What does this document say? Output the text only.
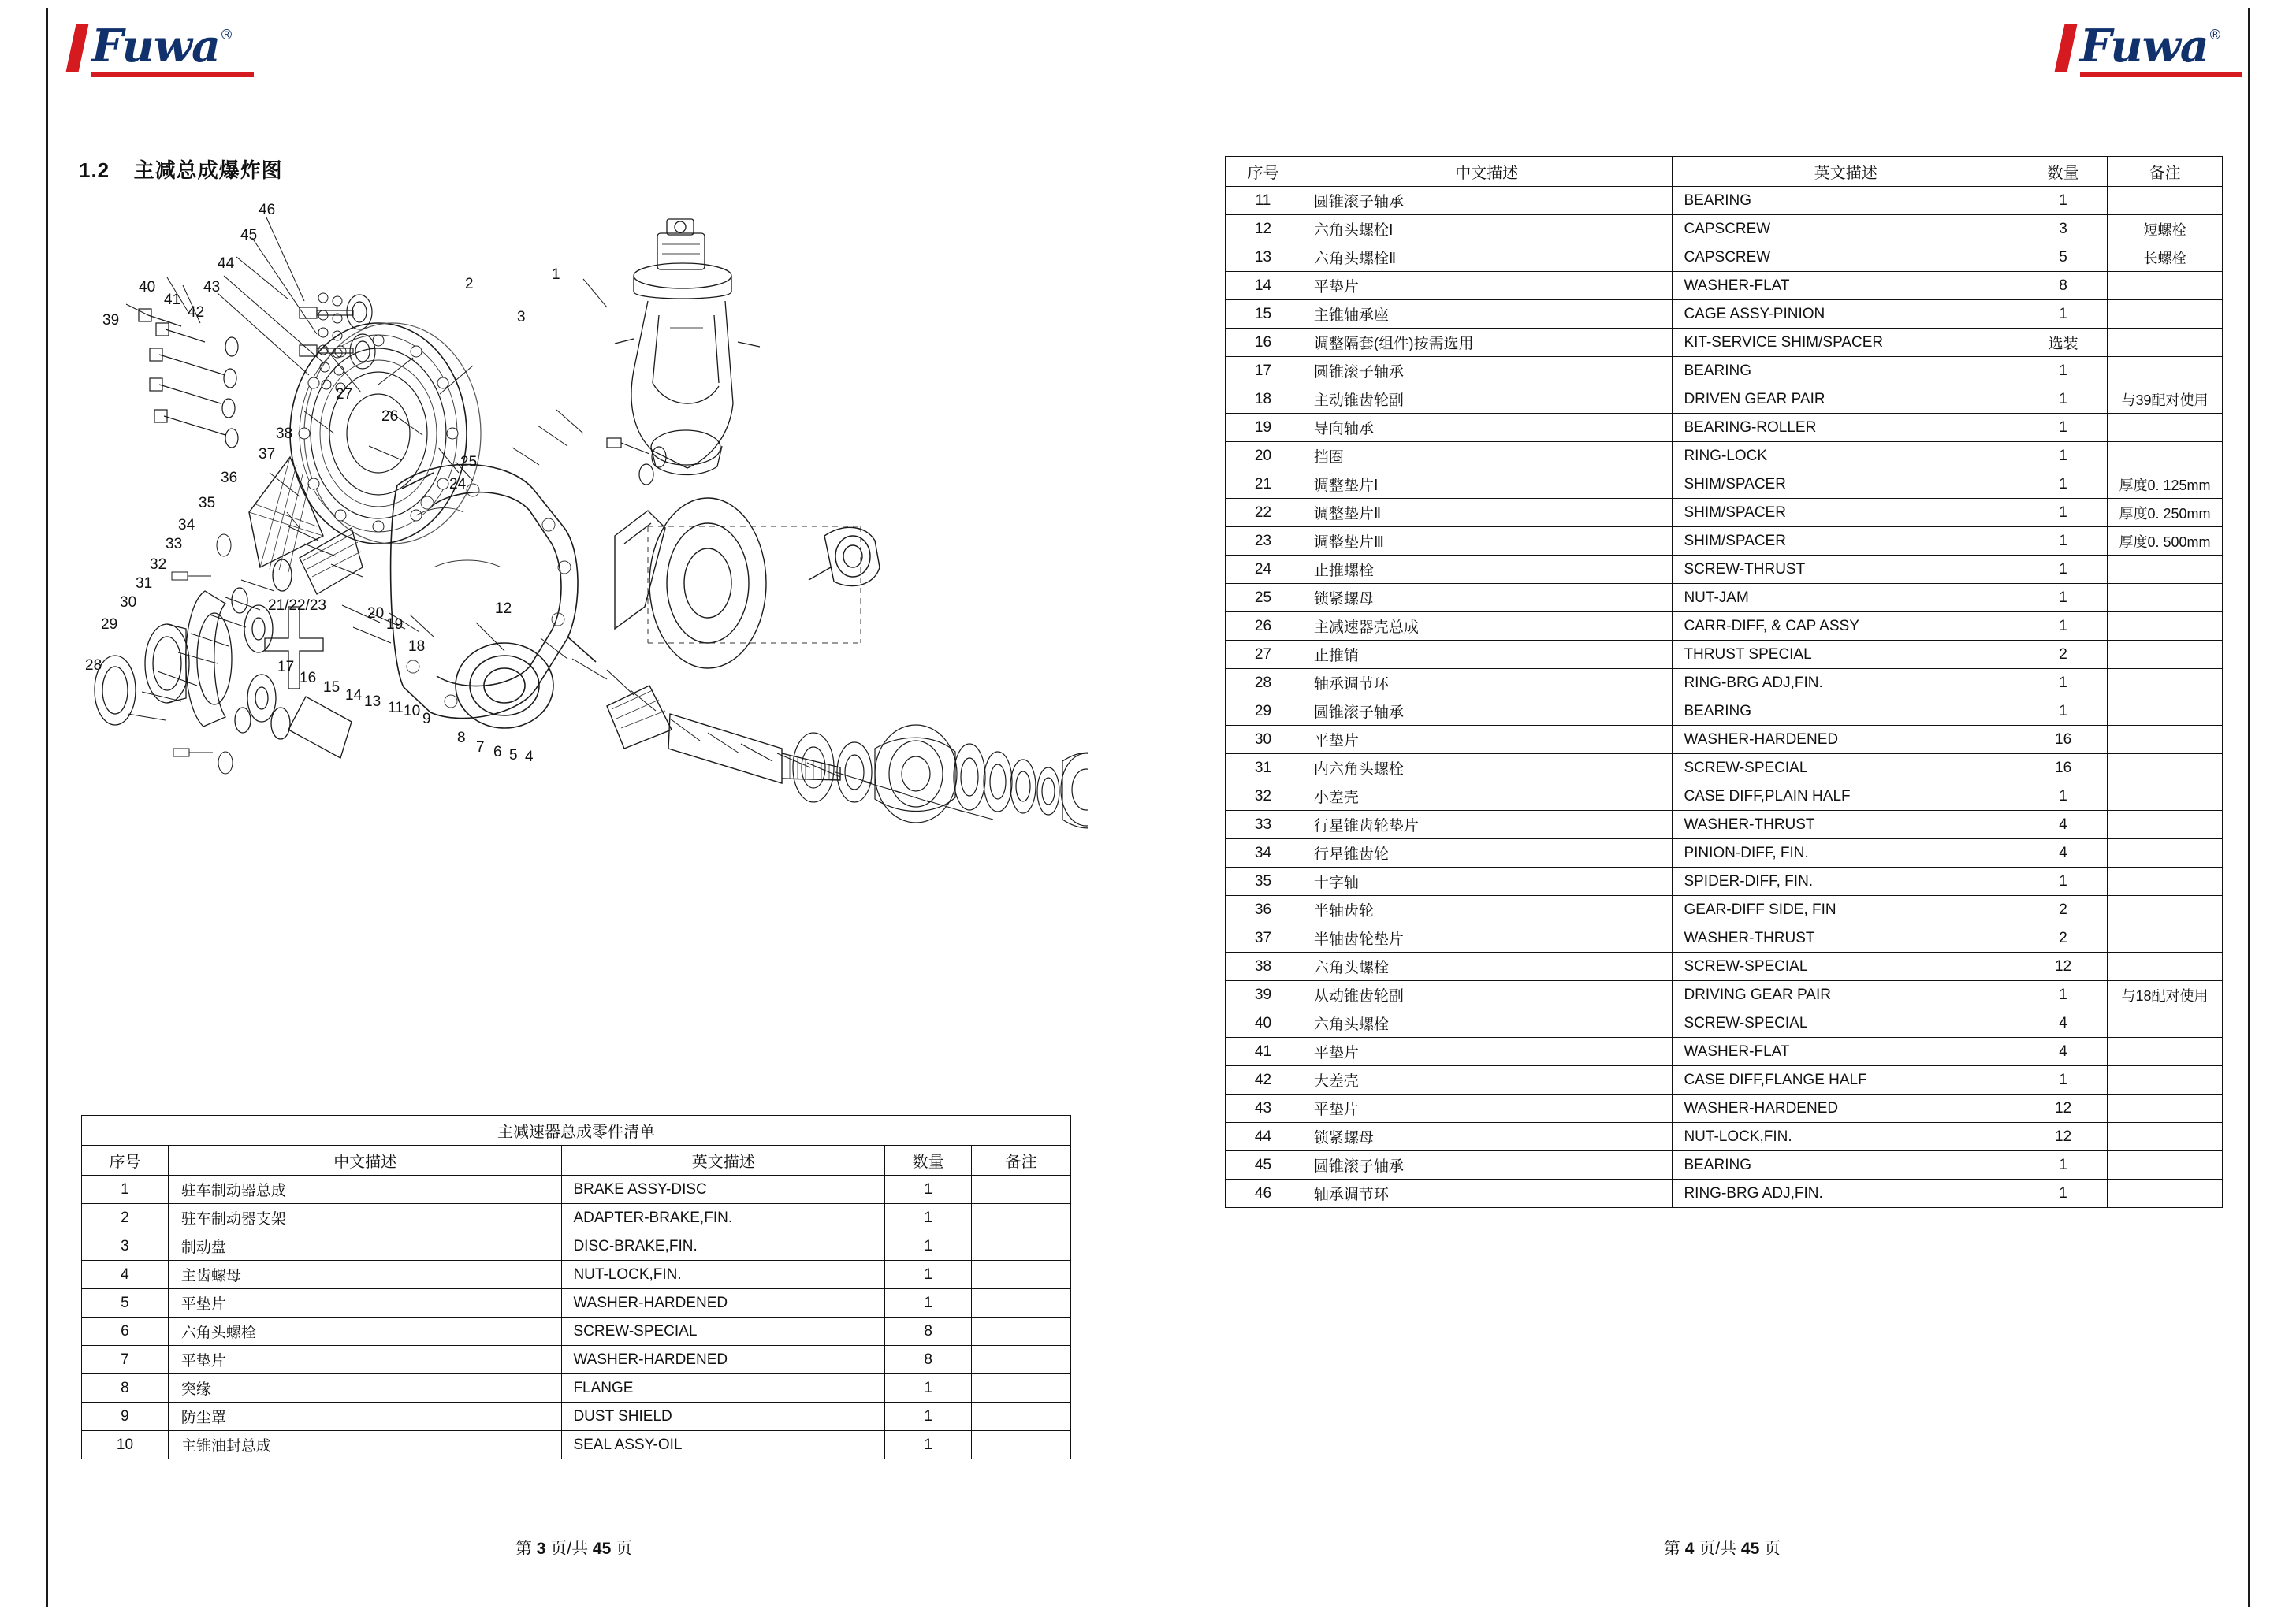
Fuwa ®
1.2 主减总成爆炸图
46
45
44
43
42
41
40
39
38
37
36
35
34
33
32
31
30
29
28
27
26
25
24
21/22/23	20
19
18
17
16
15 14 13
12
11 10 9
8
7 6 5 4
3
2
1
主减速器总成零件清单				
序号	中文描述	英文描述	数量	备注
1	驻车制动器总成	BRAKE ASSY-DISC	1	
2	驻车制动器支架	ADAPTER-BRAKE,FIN.	1	
3	制动盘	DISC-BRAKE,FIN.	1	
4	主齿螺母	NUT-LOCK,FIN.	1	
5	平垫片	WASHER-HARDENED	1	
6	六角头螺栓	SCREW-SPECIAL	8	
7	平垫片	WASHER-HARDENED	8	
8	突缘	FLANGE	1	
9	防尘罩	DUST SHIELD	1	
10	主锥油封总成	SEAL ASSY-OIL	1	
第 3 页/共 45 页
Fuwa ®
序号	中文描述	英文描述	数量	备注
11	圆锥滚子轴承	BEARING	1	
12	六角头螺栓Ⅰ	CAPSCREW	3	短螺栓
13	六角头螺栓Ⅱ	CAPSCREW	5	长螺栓
14	平垫片	WASHER-FLAT	8	
15	主锥轴承座	CAGE ASSY-PINION	1	
16	调整隔套(组件)按需选用	KIT-SERVICE SHIM/SPACER	选装	
17	圆锥滚子轴承	BEARING	1	
18	主动锥齿轮副	DRIVEN GEAR PAIR	1	与39配对使用
19	导向轴承	BEARING-ROLLER	1	
20	挡圈	RING-LOCK	1	
21	调整垫片Ⅰ	SHIM/SPACER	1	厚度0. 125mm
22	调整垫片Ⅱ	SHIM/SPACER	1	厚度0. 250mm
23	调整垫片Ⅲ	SHIM/SPACER	1	厚度0. 500mm
24	止推螺栓	SCREW-THRUST	1	
25	锁紧螺母	NUT-JAM	1	
26	主减速器壳总成	CARR-DIFF, & CAP ASSY	1	
27	止推销	THRUST SPECIAL	2	
28	轴承调节环	RING-BRG ADJ,FIN.	1	
29	圆锥滚子轴承	BEARING	1	
30	平垫片	WASHER-HARDENED	16	
31	内六角头螺栓	SCREW-SPECIAL	16	
32	小差壳	CASE DIFF,PLAIN HALF	1	
33	行星锥齿轮垫片	WASHER-THRUST	4	
34	行星锥齿轮	PINION-DIFF, FIN.	4	
35	十字轴	SPIDER-DIFF, FIN.	1	
36	半轴齿轮	GEAR-DIFF SIDE, FIN	2	
37	半轴齿轮垫片	WASHER-THRUST	2	
38	六角头螺栓	SCREW-SPECIAL	12	
39	从动锥齿轮副	DRIVING GEAR PAIR	1	与18配对使用
40	六角头螺栓	SCREW-SPECIAL	4	
41	平垫片	WASHER-FLAT	4	
42	大差壳	CASE DIFF,FLANGE HALF	1	
43	平垫片	WASHER-HARDENED	12	
44	锁紧螺母	NUT-LOCK,FIN.	12	
45	圆锥滚子轴承	BEARING	1	
46	轴承调节环	RING-BRG ADJ,FIN.	1	
第 4 页/共 45 页
